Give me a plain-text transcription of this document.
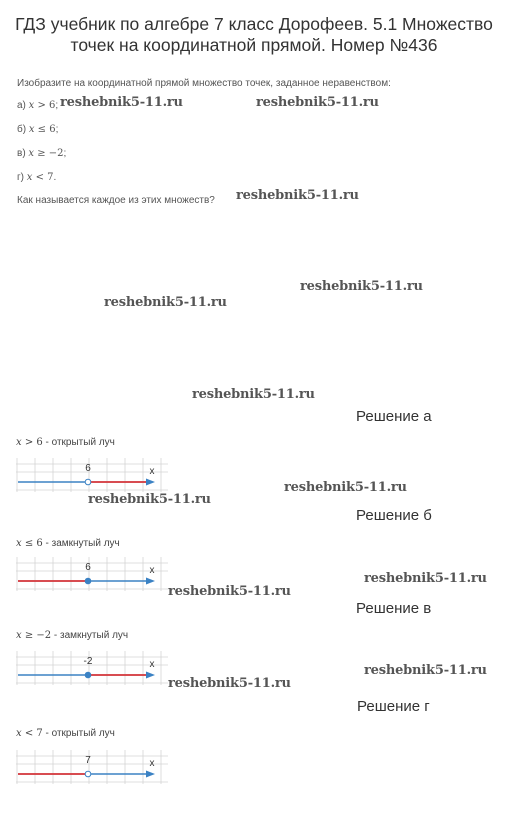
ГДЗ учебник по алгебре 7 класс Дорофеев. 5.1 Множество
точек на координатной прямой. Номер №436
Изобразите на координатной прямой множество точек, заданное неравенством:
а) x > 6;
б) x ≤ 6;
в) x ≥ −2;
г) x < 7.
Как называется каждое из этих множеств?
reshebnik5-11.ru	reshebnik5-11.ru
reshebnik5-11.ru
reshebnik5-11.ru
reshebnik5-11.ru
reshebnik5-11.ru
reshebnik5-11.ru
reshebnik5-11.ru
reshebnik5-11.ru
reshebnik5-11.ru
reshebnik5-11.ru
reshebnik5-11.ru
Решение а
x > 6 - открытый луч
x
6
Решение б
x ≤ 6 - замкнутый луч
x
6
Решение в
x ≥ −2 - замкнутый луч
x
-2
Решение г
x < 7 - открытый луч
x
7
